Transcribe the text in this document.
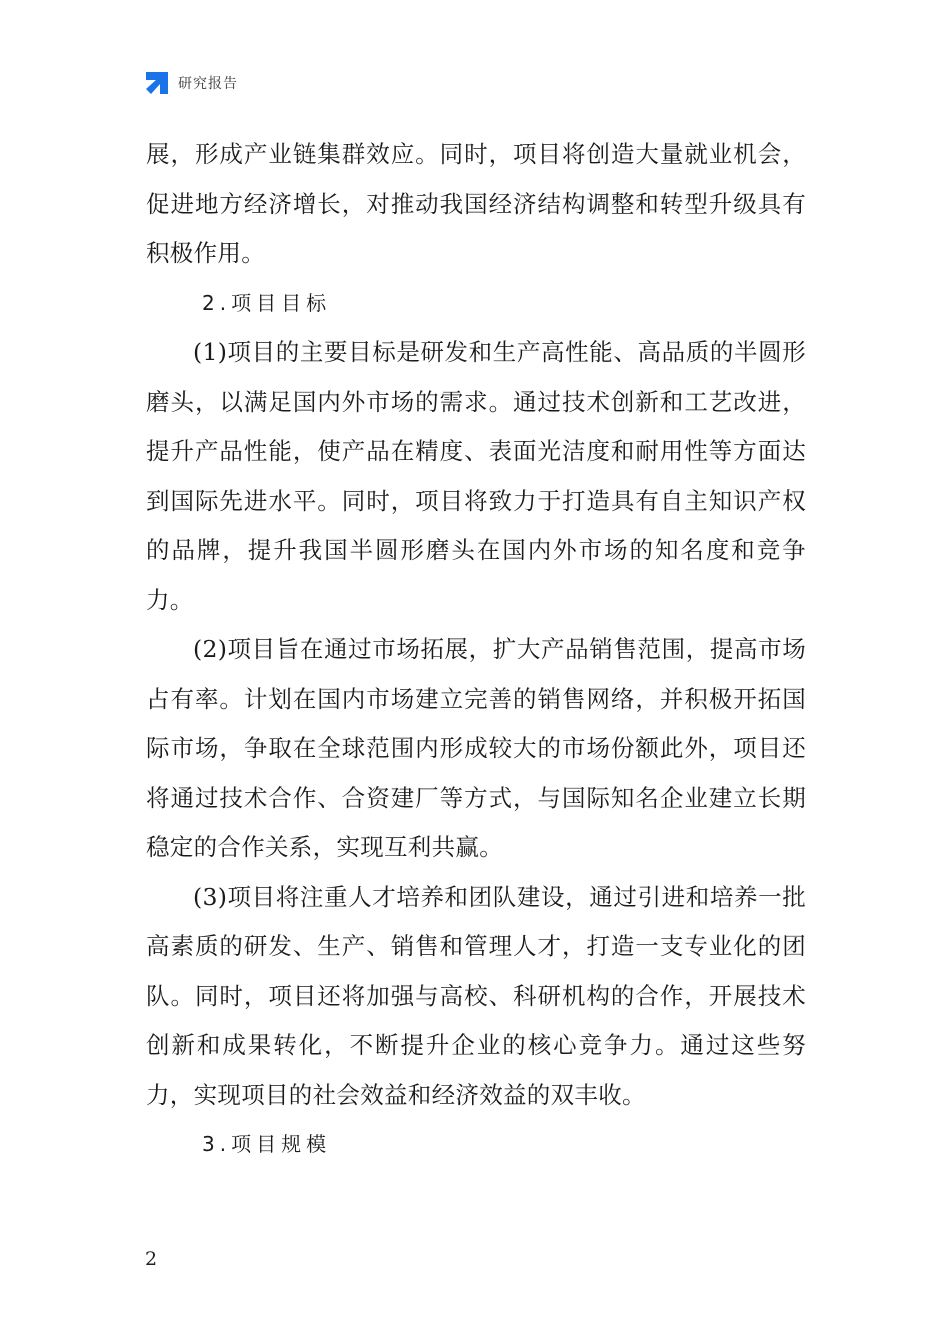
研究报告

展，形成产业链集群效应。同时，项目将创造大量就业机会，促进地方经济增长，对推动我国经济结构调整和转型升级具有积极作用。

2.项目目标

(1)项目的主要目标是研发和生产高性能、高品质的半圆形磨头，以满足国内外市场的需求。通过技术创新和工艺改进，提升产品性能，使产品在精度、表面光洁度和耐用性等方面达到国际先进水平。同时，项目将致力于打造具有自主知识产权的品牌，提升我国半圆形磨头在国内外市场的知名度和竞争力。

(2)项目旨在通过市场拓展，扩大产品销售范围，提高市场占有率。计划在国内市场建立完善的销售网络，并积极开拓国际市场，争取在全球范围内形成较大的市场份额此外，项目还将通过技术合作、合资建厂等方式，与国际知名企业建立长期稳定的合作关系，实现互利共赢。

(3)项目将注重人才培养和团队建设，通过引进和培养一批高素质的研发、生产、销售和管理人才，打造一支专业化的团队。同时，项目还将加强与高校、科研机构的合作，开展技术创新和成果转化，不断提升企业的核心竞争力。通过这些努力，实现项目的社会效益和经济效益的双丰收。

3.项目规模

2
